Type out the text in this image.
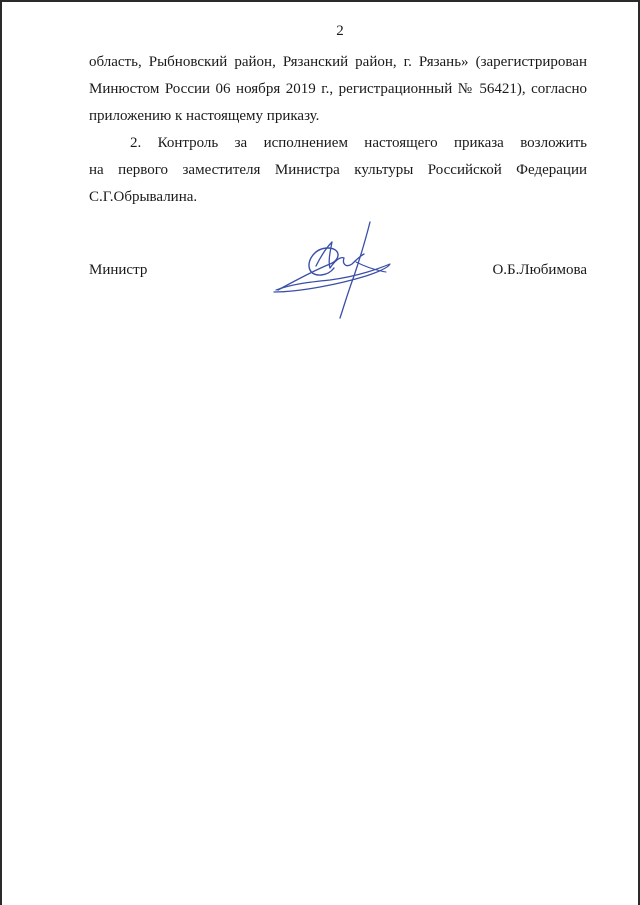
2
область, Рыбновский район, Рязанский район, г. Рязань» (зарегистрирован
Минюстом России 06 ноября 2019 г., регистрационный № 56421), согласно
приложению к настоящему приказу.
2. Контроль за исполнением настоящего приказа возложить
на первого заместителя Министра культуры Российской Федерации
С.Г.Обрывалина.
Министр	О.Б.Любимова
